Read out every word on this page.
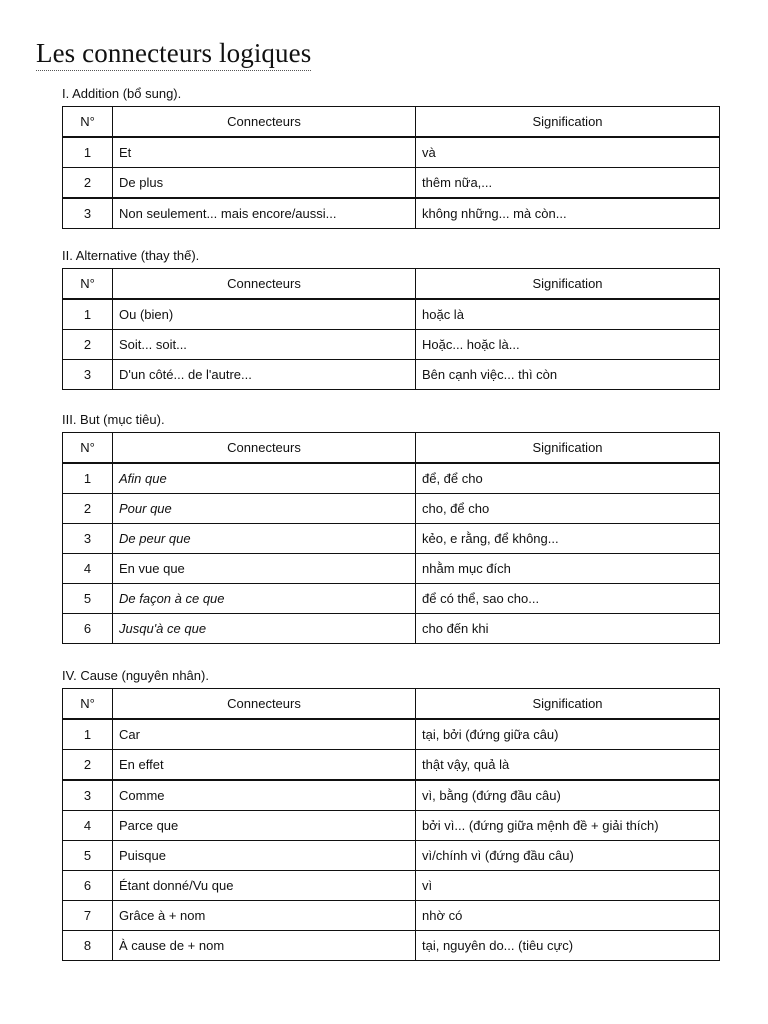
Les connecteurs logiques
I. Addition (bổ sung).
N°	Connecteurs	Signification
1	Et	và
2	De plus	thêm nữa,...
3	Non seulement... mais encore/aussi...	không những... mà còn...
II. Alternative (thay thế).
N°	Connecteurs	Signification
1	Ou (bien)	hoặc là
2	Soit... soit...	Hoặc... hoặc là...
3	D'un côté... de l'autre...	Bên cạnh việc... thì còn
III. But (mục tiêu).
N°	Connecteurs	Signification
1	Afin que	để, để cho
2	Pour que	cho, để cho
3	De peur que	kẻo, e rằng, để không...
4	En vue que	nhằm mục đích
5	De façon à ce que	để có thể, sao cho...
6	Jusqu'à ce que	cho đến khi
IV. Cause (nguyên nhân).
N°	Connecteurs	Signification
1	Car	tại, bởi (đứng giữa câu)
2	En effet	thật vậy, quả là
3	Comme	vì, bằng (đứng đầu câu)
4	Parce que	bởi vì... (đứng giữa mệnh đề + giải thích)
5	Puisque	vì/chính vì (đứng đầu câu)
6	Étant donné/Vu que	vì
7	Grâce à + nom	nhờ có
8	À cause de + nom	tại, nguyên do... (tiêu cực)
